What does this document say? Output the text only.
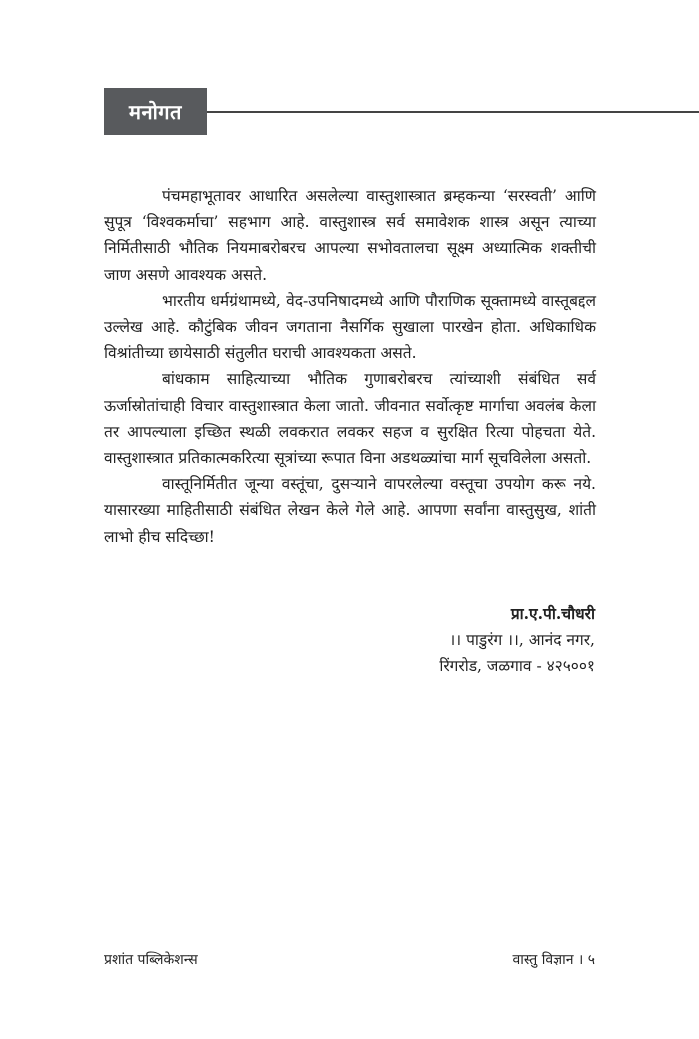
मनोगत

पंचमहाभूतावर आधारित असलेल्या वास्तुशास्त्रात ब्रम्हकन्या ‘सरस्वती’ आणि सुपूत्र ‘विश्वकर्माचा’ सहभाग आहे. वास्तुशास्त्र सर्व समावेशक शास्त्र असून त्याच्या निर्मितीसाठी भौतिक नियमाबरोबरच आपल्या सभोवतालचा सूक्ष्म अध्यात्मिक शक्तीची जाण असणे आवश्यक असते.

भारतीय धर्मग्रंथामध्ये, वेद-उपनिषादमध्ये आणि पौराणिक सूक्तामध्ये वास्तूबद्दल उल्लेख आहे. कौटुंबिक जीवन जगताना नैसर्गिक सुखाला पारखेन होता. अधिकाधिक विश्रांतीच्या छायेसाठी संतुलीत घराची आवश्यकता असते.

बांधकाम साहित्याच्या भौतिक गुणाबरोबरच त्यांच्याशी संबंधित सर्व ऊर्जास्रोतांचाही विचार वास्तुशास्त्रात केला जातो. जीवनात सर्वोत्कृष्ट मार्गाचा अवलंब केला तर आपल्याला इच्छित स्थळी लवकरात लवकर सहज व सुरक्षित रित्या पोहचता येते. वास्तुशास्त्रात प्रतिकात्मकरित्या सूत्रांच्या रूपात विना अडथळ्यांचा मार्ग सूचविलेला असतो.

वास्तूनिर्मितीत जून्या वस्तूंचा, दुसऱ्याने वापरलेल्या वस्तूचा उपयोग करू नये. यासारख्या माहितीसाठी संबंधित लेखन केले गेले आहे. आपणा सर्वांना वास्तुसुख, शांती लाभो हीच सदिच्छा!

प्रा.ए.पी.चौधरी
।। पाडुरंग ।।, आनंद नगर,
रिंगरोड, जळगाव - ४२५००१
प्रशांत पब्लिकेशन्स	वास्तु विज्ञान । ५
